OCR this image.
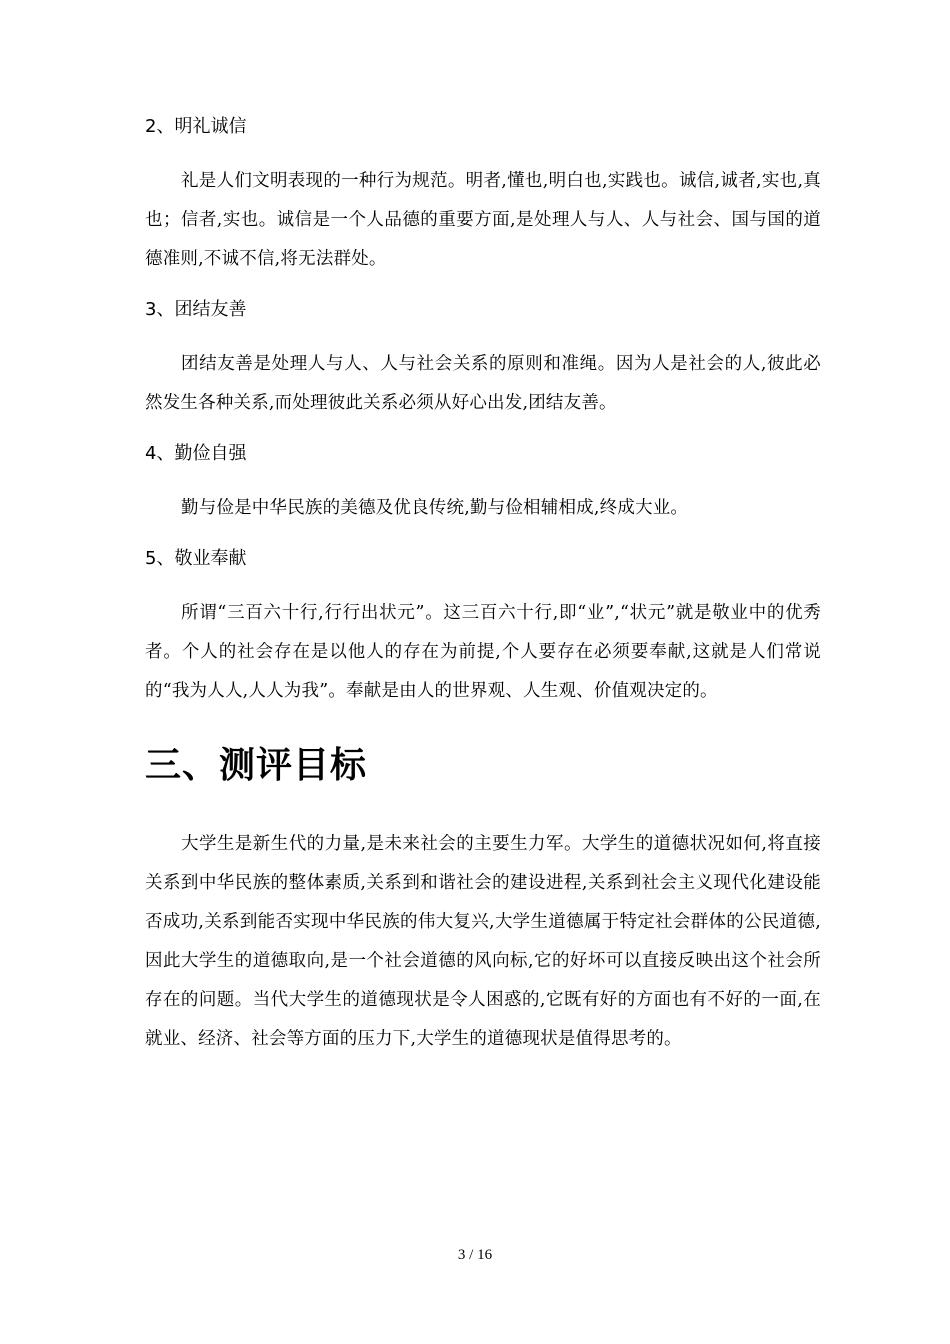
2、明礼诚信

礼是人们文明表现的一种行为规范。明者,懂也,明白也,实践也。诚信,诚者,实也,真也；信者,实也。诚信是一个人品德的重要方面,是处理人与人、人与社会、国与国的道德准则,不诚不信,将无法群处。

3、团结友善

团结友善是处理人与人、人与社会关系的原则和准绳。因为人是社会的人,彼此必然发生各种关系,而处理彼此关系必须从好心出发,团结友善。

4、勤俭自强

勤与俭是中华民族的美德及优良传统,勤与俭相辅相成,终成大业。

5、敬业奉献

所谓“三百六十行,行行出状元”。这三百六十行,即“业”,“状元”就是敬业中的优秀者。个人的社会存在是以他人的存在为前提,个人要存在必须要奉献,这就是人们常说的“我为人人,人人为我”。奉献是由人的世界观、人生观、价值观决定的。

三、测评目标

大学生是新生代的力量,是未来社会的主要生力军。大学生的道德状况如何,将直接关系到中华民族的整体素质,关系到和谐社会的建设进程,关系到社会主义现代化建设能否成功,关系到能否实现中华民族的伟大复兴,大学生道德属于特定社会群体的公民道德,因此大学生的道德取向,是一个社会道德的风向标,它的好坏可以直接反映出这个社会所存在的问题。当代大学生的道德现状是令人困惑的,它既有好的方面也有不好的一面,在就业、经济、社会等方面的压力下,大学生的道德现状是值得思考的。

3 / 16
